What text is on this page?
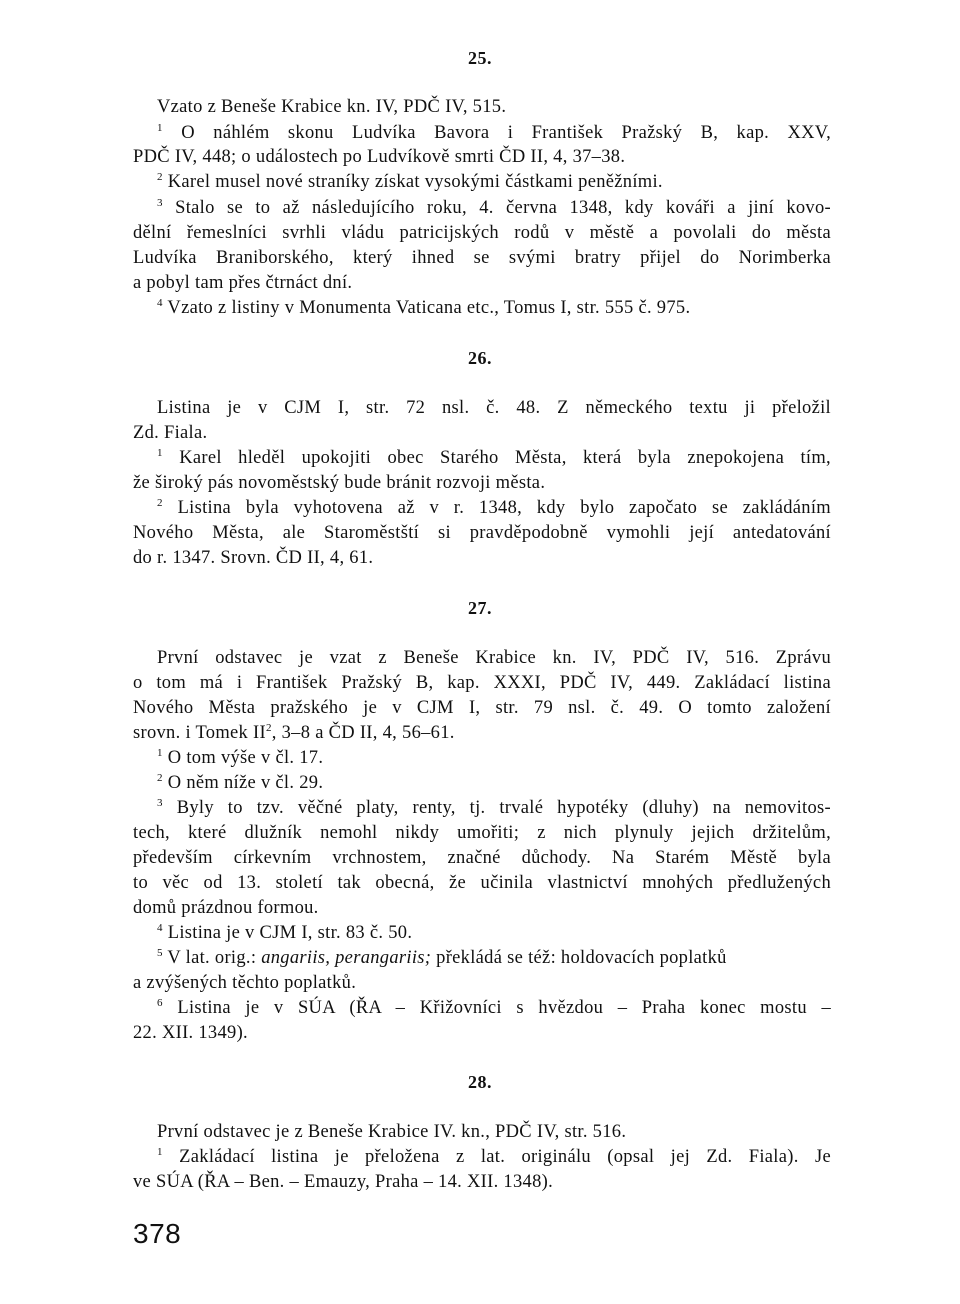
25.
Vzato z Beneše Krabice kn. IV, PDČ IV, 515.
$^1$ O náhlém skonu Ludvíka Bavora i František Pražský B, kap. XXV,
PDČ IV, 448; o událostech po Ludvíkově smrti ČD II, 4, 37–38.
$^2$ Karel musel nové straníky získat vysokými částkami peněžními.
$^3$ Stalo se to až následujícího roku, 4. června 1348, kdy kováři a jiní kovo-
dělní řemeslníci svrhli vládu patricijských rodů v městě a povolali do města
Ludvíka Braniborského, který ihned se svými bratry přijel do Norimberka
a pobyl tam přes čtrnáct dní.
$^4$ Vzato z listiny v Monumenta Vaticana etc., Tomus I, str. 555 č. 975.
26.
Listina je v CJM I, str. 72 nsl. č. 48. Z německého textu ji přeložil
Zd. Fiala.
$^1$ Karel hleděl upokojiti obec Starého Města, která byla znepokojena tím,
že široký pás novoměstský bude bránit rozvoji města.
$^2$ Listina byla vyhotovena až v r. 1348, kdy bylo započato se zakládáním
Nového Města, ale Staroměstští si pravděpodobně vymohli její antedatování
do r. 1347. Srovn. ČD II, 4, 61.
27.
První odstavec je vzat z Beneše Krabice kn. IV, PDČ IV, 516. Zprávu
o tom má i František Pražský B, kap. XXXI, PDČ IV, 449. Zakládací listina
Nového Města pražského je v CJM I, str. 79 nsl. č. 49. O tomto založení
srovn. i Tomek $II^2$, 3–8 a ČD II, 4, 56–61.
$^1$ O tom výše v čl. 17.
$^2$ O něm níže v čl. 29.
$^3$ Byly to tzv. věčné platy, renty, tj. trvalé hypotéky (dluhy) na nemovitos-
tech, které dlužník nemohl nikdy umořiti; z nich plynuly jejich držitelům,
především církevním vrchnostem, značné důchody. Na Starém Městě byla
to věc od 13. století tak obecná, že učinila vlastnictví mnohých předlužených
domů prázdnou formou.
$^4$ Listina je v CJM I, str. 83 č. 50.
$^5$ V lat. orig.: angariis, perangariis; překládá se též: holdovacích poplatků
a zvýšených těchto poplatků.
$^6$ Listina je v SÚA (ŘA – Křižovníci s hvězdou – Praha konec mostu –
22. XII. 1349).
28.
První odstavec je z Beneše Krabice IV. kn., PDČ IV, str. 516.
$^1$ Zakládací listina je přeložena z lat. originálu (opsal jej Zd. Fiala). Je
ve SÚA (ŘA – Ben. – Emauzy, Praha – 14. XII. 1348).
378
